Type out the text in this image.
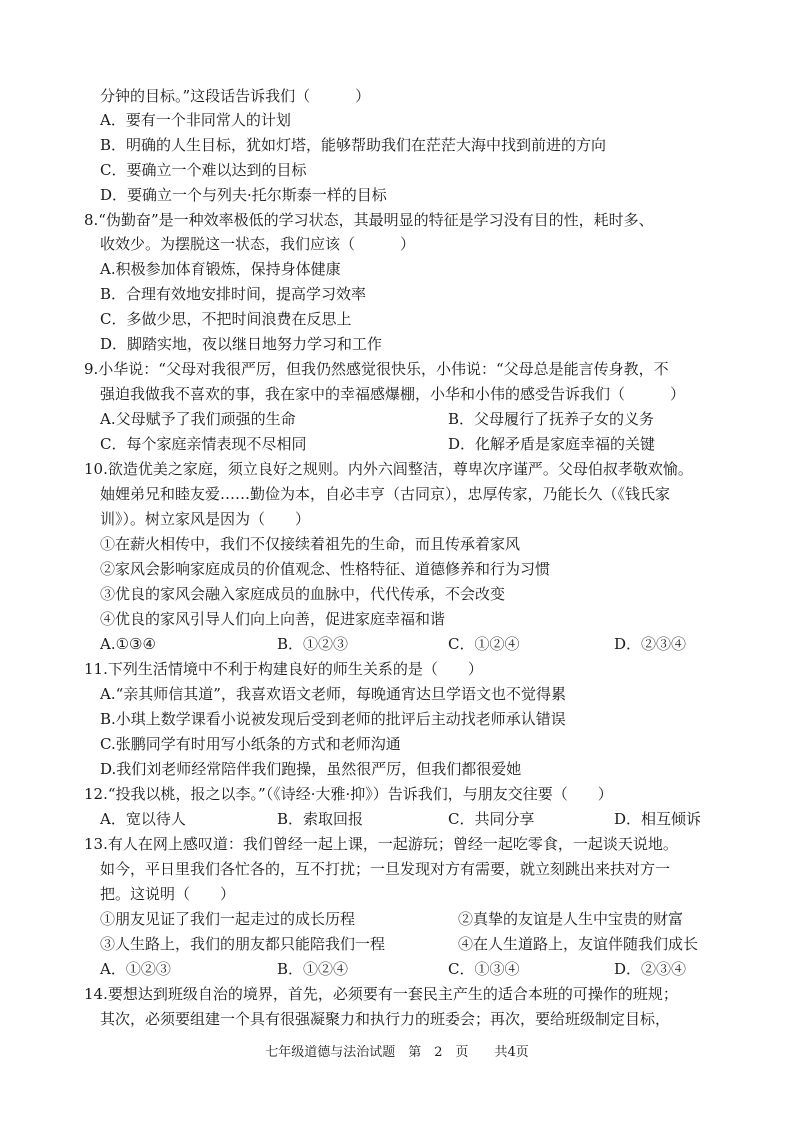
分钟的目标。”这段话告诉我们（　　　）
A．要有一个非同常人的计划
B．明确的人生目标，犹如灯塔，能够帮助我们在茫茫大海中找到前进的方向
C．要确立一个难以达到的目标
D．要确立一个与列夫·托尔斯泰一样的目标
8.“伪勤奋”是一种效率极低的学习状态，其最明显的特征是学习没有目的性，耗时多、
收效少。为摆脱这一状态，我们应该（　　　）
A.积极参加体育锻炼，保持身体健康
B．合理有效地安排时间，提高学习效率
C．多做少思，不把时间浪费在反思上
D．脚踏实地，夜以继日地努力学习和工作
9.小华说：“父母对我很严厉，但我仍然感觉很快乐，小伟说：“父母总是能言传身教，不
强迫我做我不喜欢的事，我在家中的幸福感爆棚，小华和小伟的感受告诉我们（　　　）
A.父母赋予了我们顽强的生命	B．父母履行了抚养子女的义务
C．每个家庭亲情表现不尽相同	D．化解矛盾是家庭幸福的关键
10.欲造优美之家庭，须立良好之规则。内外六闾整洁，尊卑次序谨严。父母伯叔孝敬欢愉。
妯娌弟兄和睦友爱……勤俭为本，自必丰亨（古同京），忠厚传家，乃能长久（《钱氏家
训》）。树立家风是因为（　　）
①在薪火相传中，我们不仅接续着祖先的生命，而且传承着家风
②家风会影响家庭成员的价值观念、性格特征、道德修养和行为习惯
③优良的家风会融入家庭成员的血脉中，代代传承，不会改变
④优良的家风引导人们向上向善，促进家庭幸福和谐
A.①③④	B．①②③	C．①②④	D．②③④
11.下列生活情境中不利于构建良好的师生关系的是（　　）
A.“亲其师信其道”，我喜欢语文老师，每晚通宵达旦学语文也不觉得累
B.小琪上数学课看小说被发现后受到老师的批评后主动找老师承认错误
C.张鹏同学有时用写小纸条的方式和老师沟通
D.我们刘老师经常陪伴我们跑操，虽然很严厉，但我们都很爱她
12.“投我以桃，报之以李。”（《诗经·大雅·抑》）告诉我们，与朋友交往要（　　）
A．宽以待人	B．索取回报	C．共同分享	D．相互倾诉
13.有人在网上感叹道：我们曾经一起上课，一起游玩；曾经一起吃零食，一起谈天说地。
如今，平日里我们各忙各的，互不打扰；一旦发现对方有需要，就立刻跳出来扶对方一
把。这说明（　　）
①朋友见证了我们一起走过的成长历程	②真挚的友谊是人生中宝贵的财富
③人生路上，我们的朋友都只能陪我们一程	④在人生道路上，友谊伴随我们成长
A．①②③	B．①②④	C．①③④	D．②③④
14.要想达到班级自治的境界，首先，必须要有一套民主产生的适合本班的可操作的班规；
其次，必须要组建一个具有很强凝聚力和执行力的班委会；再次，要给班级制定目标，
七年级道德与法治试题　第　2　页　　共4页
